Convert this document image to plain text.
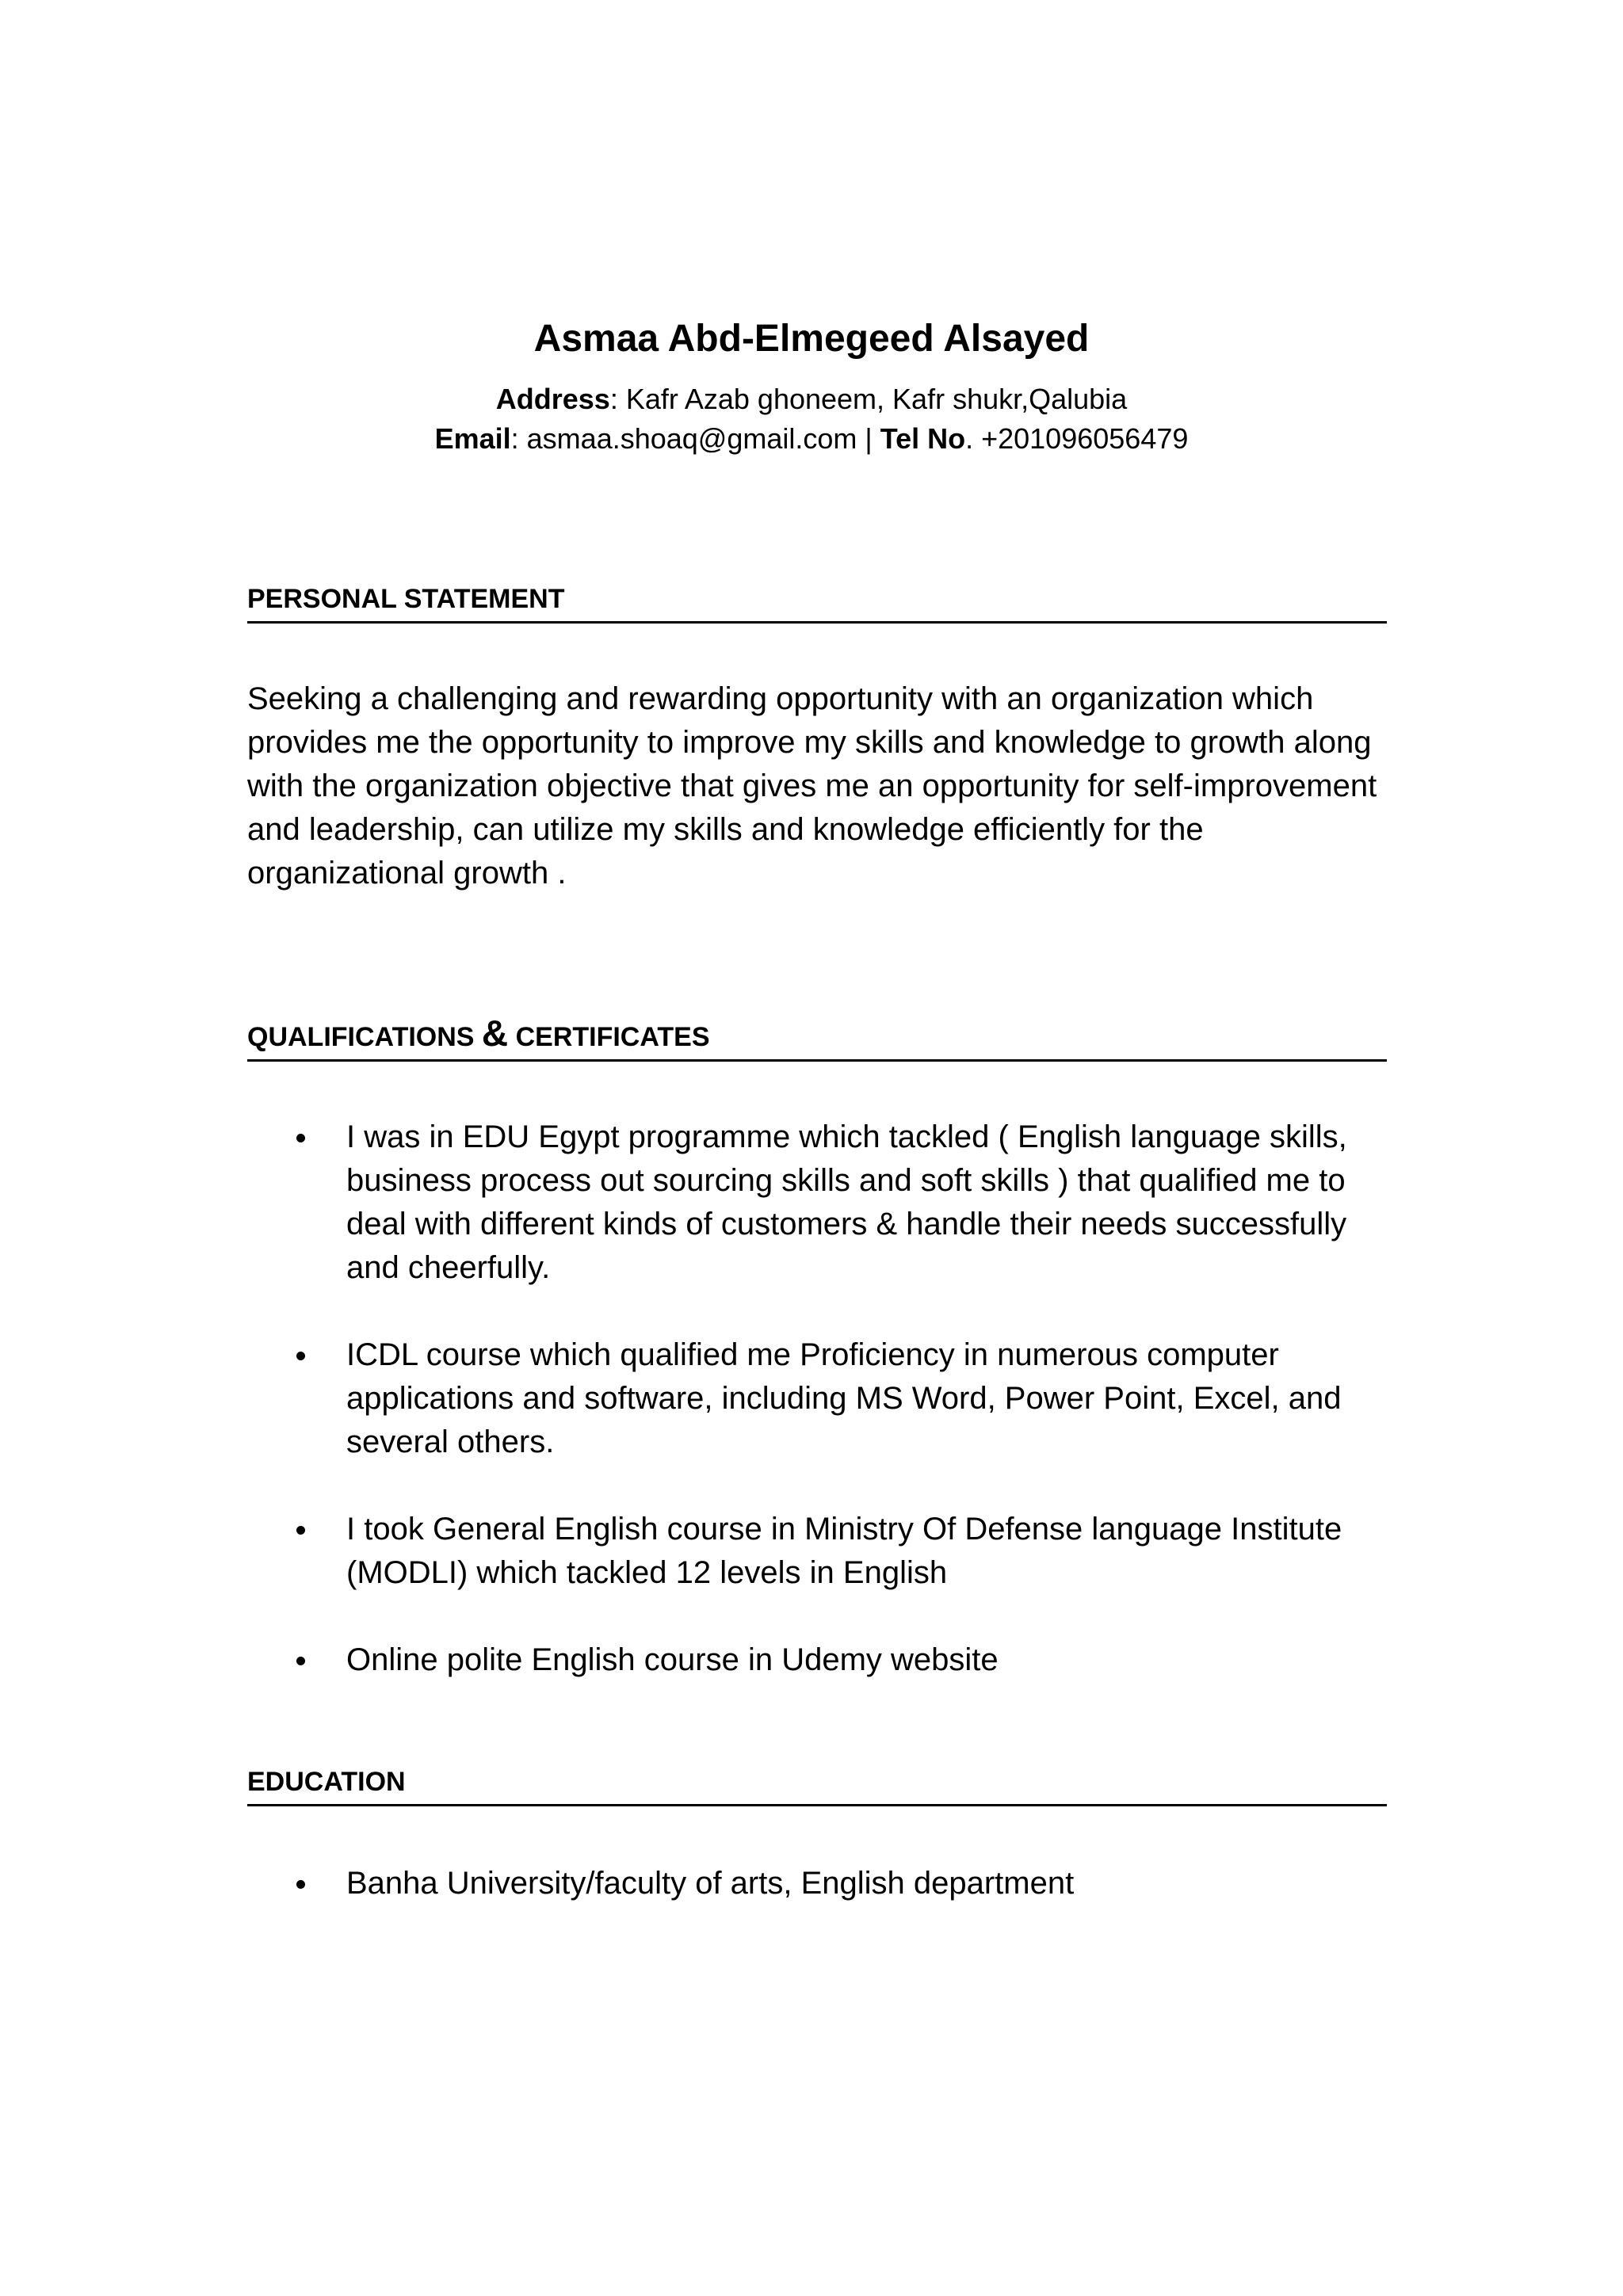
Asmaa Abd-Elmegeed Alsayed
Address: Kafr Azab ghoneem, Kafr shukr,Qalubia
Email: asmaa.shoaq@gmail.com | Tel No. +201096056479
PERSONAL STATEMENT
Seeking a challenging and rewarding opportunity with an organization which provides me the opportunity to improve my skills and knowledge to growth along with the organization objective that gives me an opportunity for self-improvement and leadership, can utilize my skills and knowledge efficiently for the organizational growth .
QUALIFICATIONS & CERTIFICATES
I was in EDU Egypt programme which tackled ( English language skills, business process out sourcing skills and soft skills ) that qualified me to deal with different kinds of customers & handle their needs successfully and cheerfully.
ICDL course which qualified me Proficiency in numerous computer applications and software, including MS Word, Power Point, Excel, and several others.
I took General English course in Ministry Of Defense language Institute (MODLI) which tackled 12 levels in English
Online polite English course in Udemy website
EDUCATION
Banha University/faculty of arts, English department
